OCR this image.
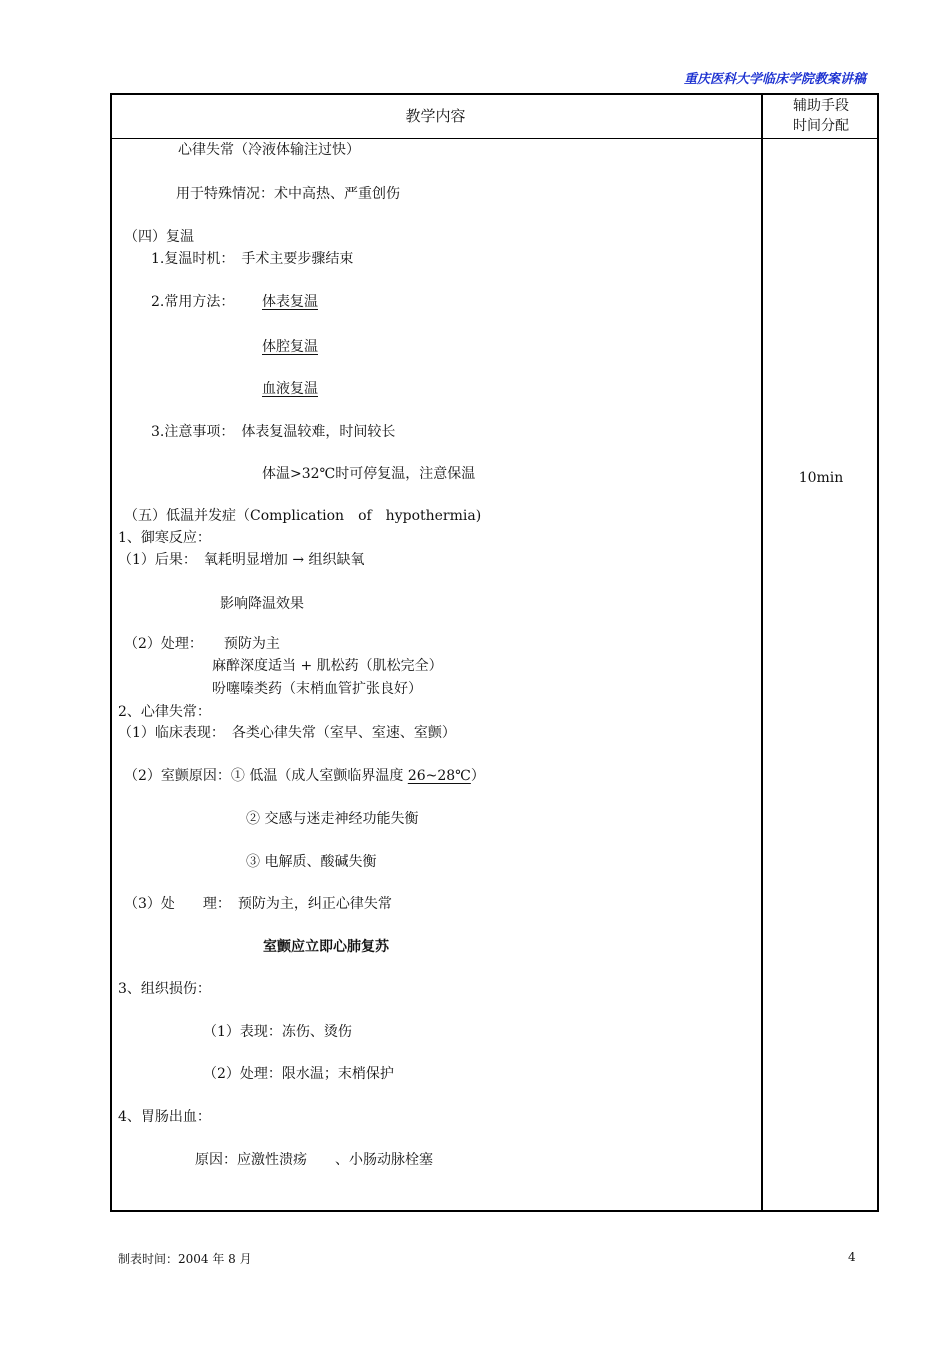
重庆医科大学临床学院教案讲稿
教学内容
辅助手段
时间分配
心律失常（冷液体输注过快）
用于特殊情况：术中高热、严重创伤
（四）复温
1.复温时机：　手术主要步骤结束
2.常用方法： 体表复温
体腔复温
血液复温
3.注意事项：　体表复温较难，时间较长
体温>32℃时可停复温，注意保温
（五）低温并发症（Complication　of　hypothermia)
1、御寒反应：
（1）后果：　氧耗明显增加 → 组织缺氧
影响降温效果
（2）处理：　　预防为主
麻醉深度适当 + 肌松药（肌松完全）
吩噻嗪类药（末梢血管扩张良好）
2、心律失常：
（1）临床表现：　各类心律失常（室早、室速、室颤）
（2）室颤原因：① 低温（成人室颤临界温度 26~28℃）
② 交感与迷走神经功能失衡
③ 电解质、酸碱失衡
（3）处　　理：　预防为主，纠正心律失常
室颤应立即心肺复苏
3、组织损伤：
（1）表现：冻伤、烫伤
（2）处理：限水温；末梢保护
4、胃肠出血：
原因：应激性溃疡　　、小肠动脉栓塞
10min
制表时间：2004 年 8 月	4
